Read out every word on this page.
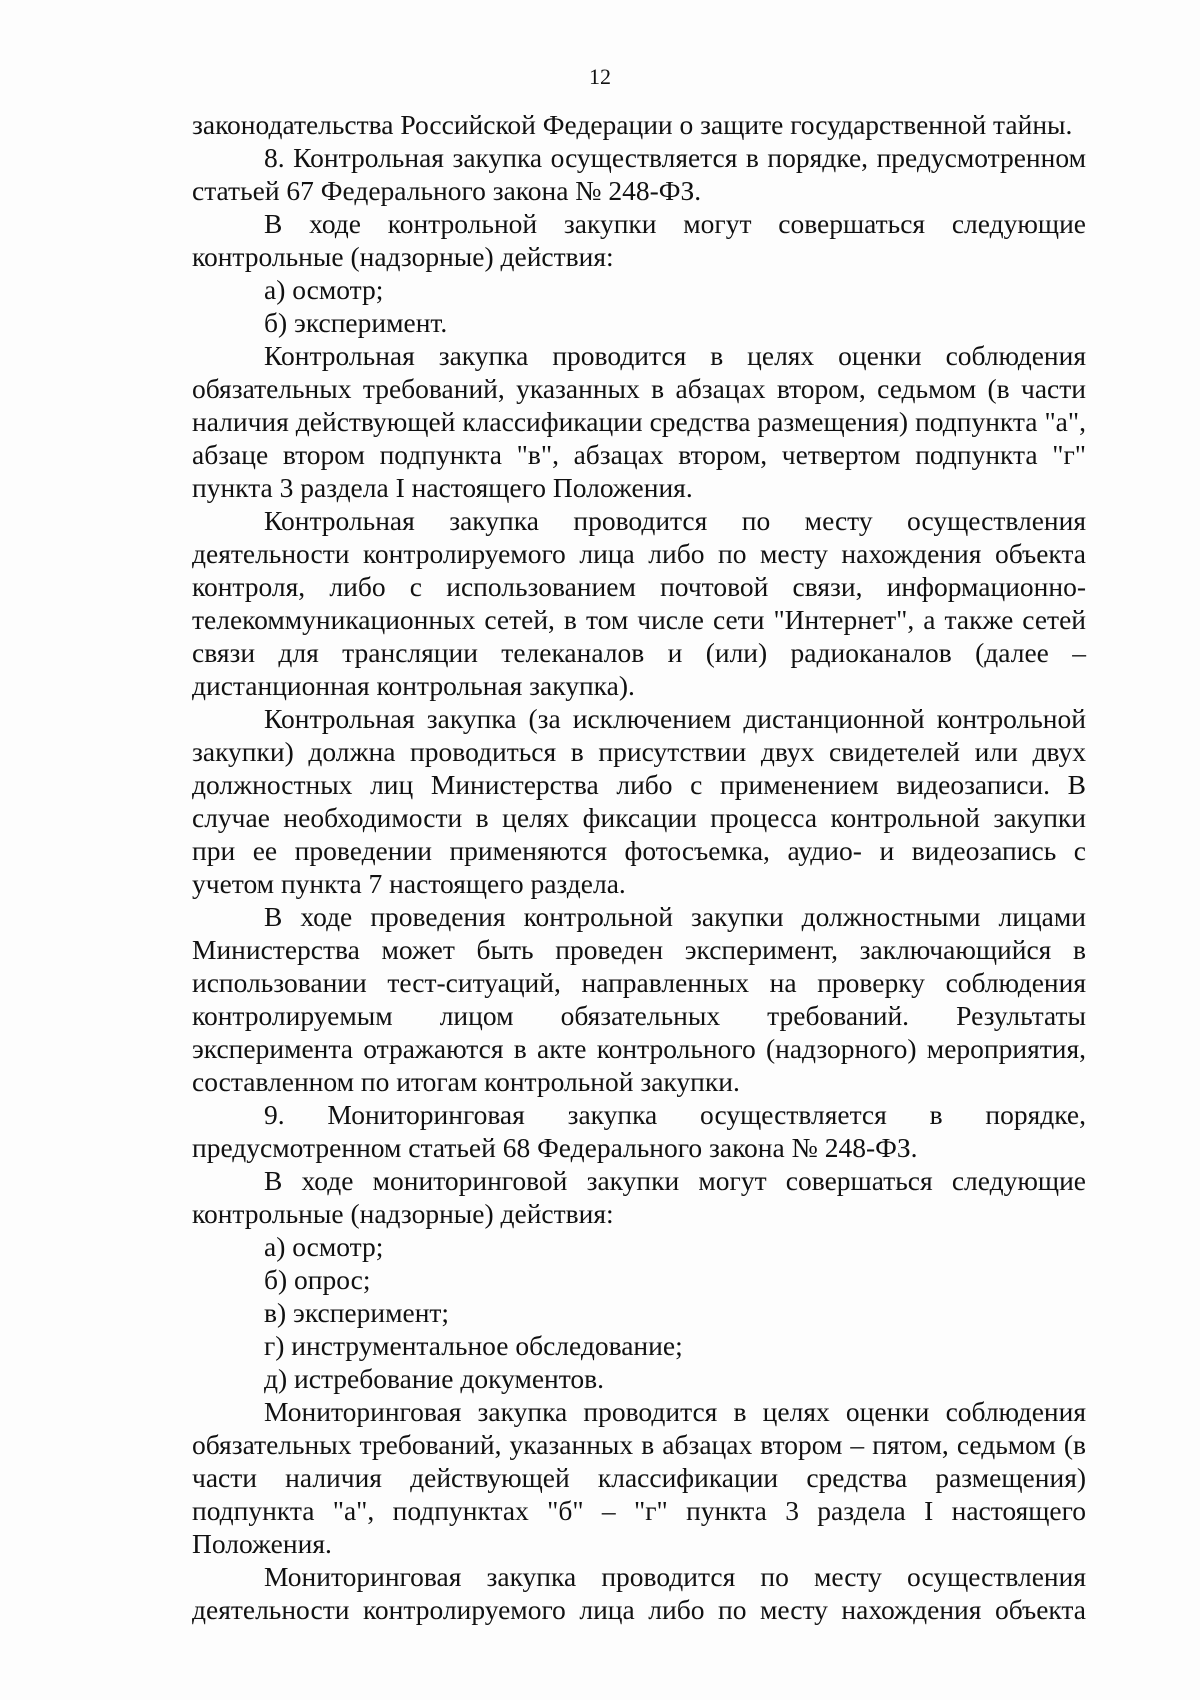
12

законодательства Российской Федерации о защите государственной тайны.

8. Контрольная закупка осуществляется в порядке, предусмотренном статьей 67 Федерального закона № 248-ФЗ.

В ходе контрольной закупки могут совершаться следующие контрольные (надзорные) действия:

а) осмотр;

б) эксперимент.

Контрольная закупка проводится в целях оценки соблюдения обязательных требований, указанных в абзацах втором, седьмом (в части наличия действующей классификации средства размещения) подпункта "а", абзаце втором подпункта "в", абзацах втором, четвертом подпункта "г" пункта 3 раздела I настоящего Положения.

Контрольная закупка проводится по месту осуществления деятельности контролируемого лица либо по месту нахождения объекта контроля, либо с использованием почтовой связи, информационно-телекоммуникационных сетей, в том числе сети "Интернет", а также сетей связи для трансляции телеканалов и (или) радиоканалов (далее – дистанционная контрольная закупка).

Контрольная закупка (за исключением дистанционной контрольной закупки) должна проводиться в присутствии двух свидетелей или двух должностных лиц Министерства либо с применением видеозаписи. В случае необходимости в целях фиксации процесса контрольной закупки при ее проведении применяются фотосъемка, аудио- и видеозапись с учетом пункта 7 настоящего раздела.

В ходе проведения контрольной закупки должностными лицами Министерства может быть проведен эксперимент, заключающийся в использовании тест-ситуаций, направленных на проверку соблюдения контролируемым лицом обязательных требований. Результаты эксперимента отражаются в акте контрольного (надзорного) мероприятия, составленном по итогам контрольной закупки.

9. Мониторинговая закупка осуществляется в порядке, предусмотренном статьей 68 Федерального закона № 248-ФЗ.

В ходе мониторинговой закупки могут совершаться следующие контрольные (надзорные) действия:

а) осмотр;

б) опрос;

в) эксперимент;

г) инструментальное обследование;

д) истребование документов.

Мониторинговая закупка проводится в целях оценки соблюдения обязательных требований, указанных в абзацах втором – пятом, седьмом (в части наличия действующей классификации средства размещения) подпункта "а", подпунктах "б" – "г" пункта 3 раздела I настоящего Положения.

Мониторинговая закупка проводится по месту осуществления деятельности контролируемого лица либо по месту нахождения объекта
